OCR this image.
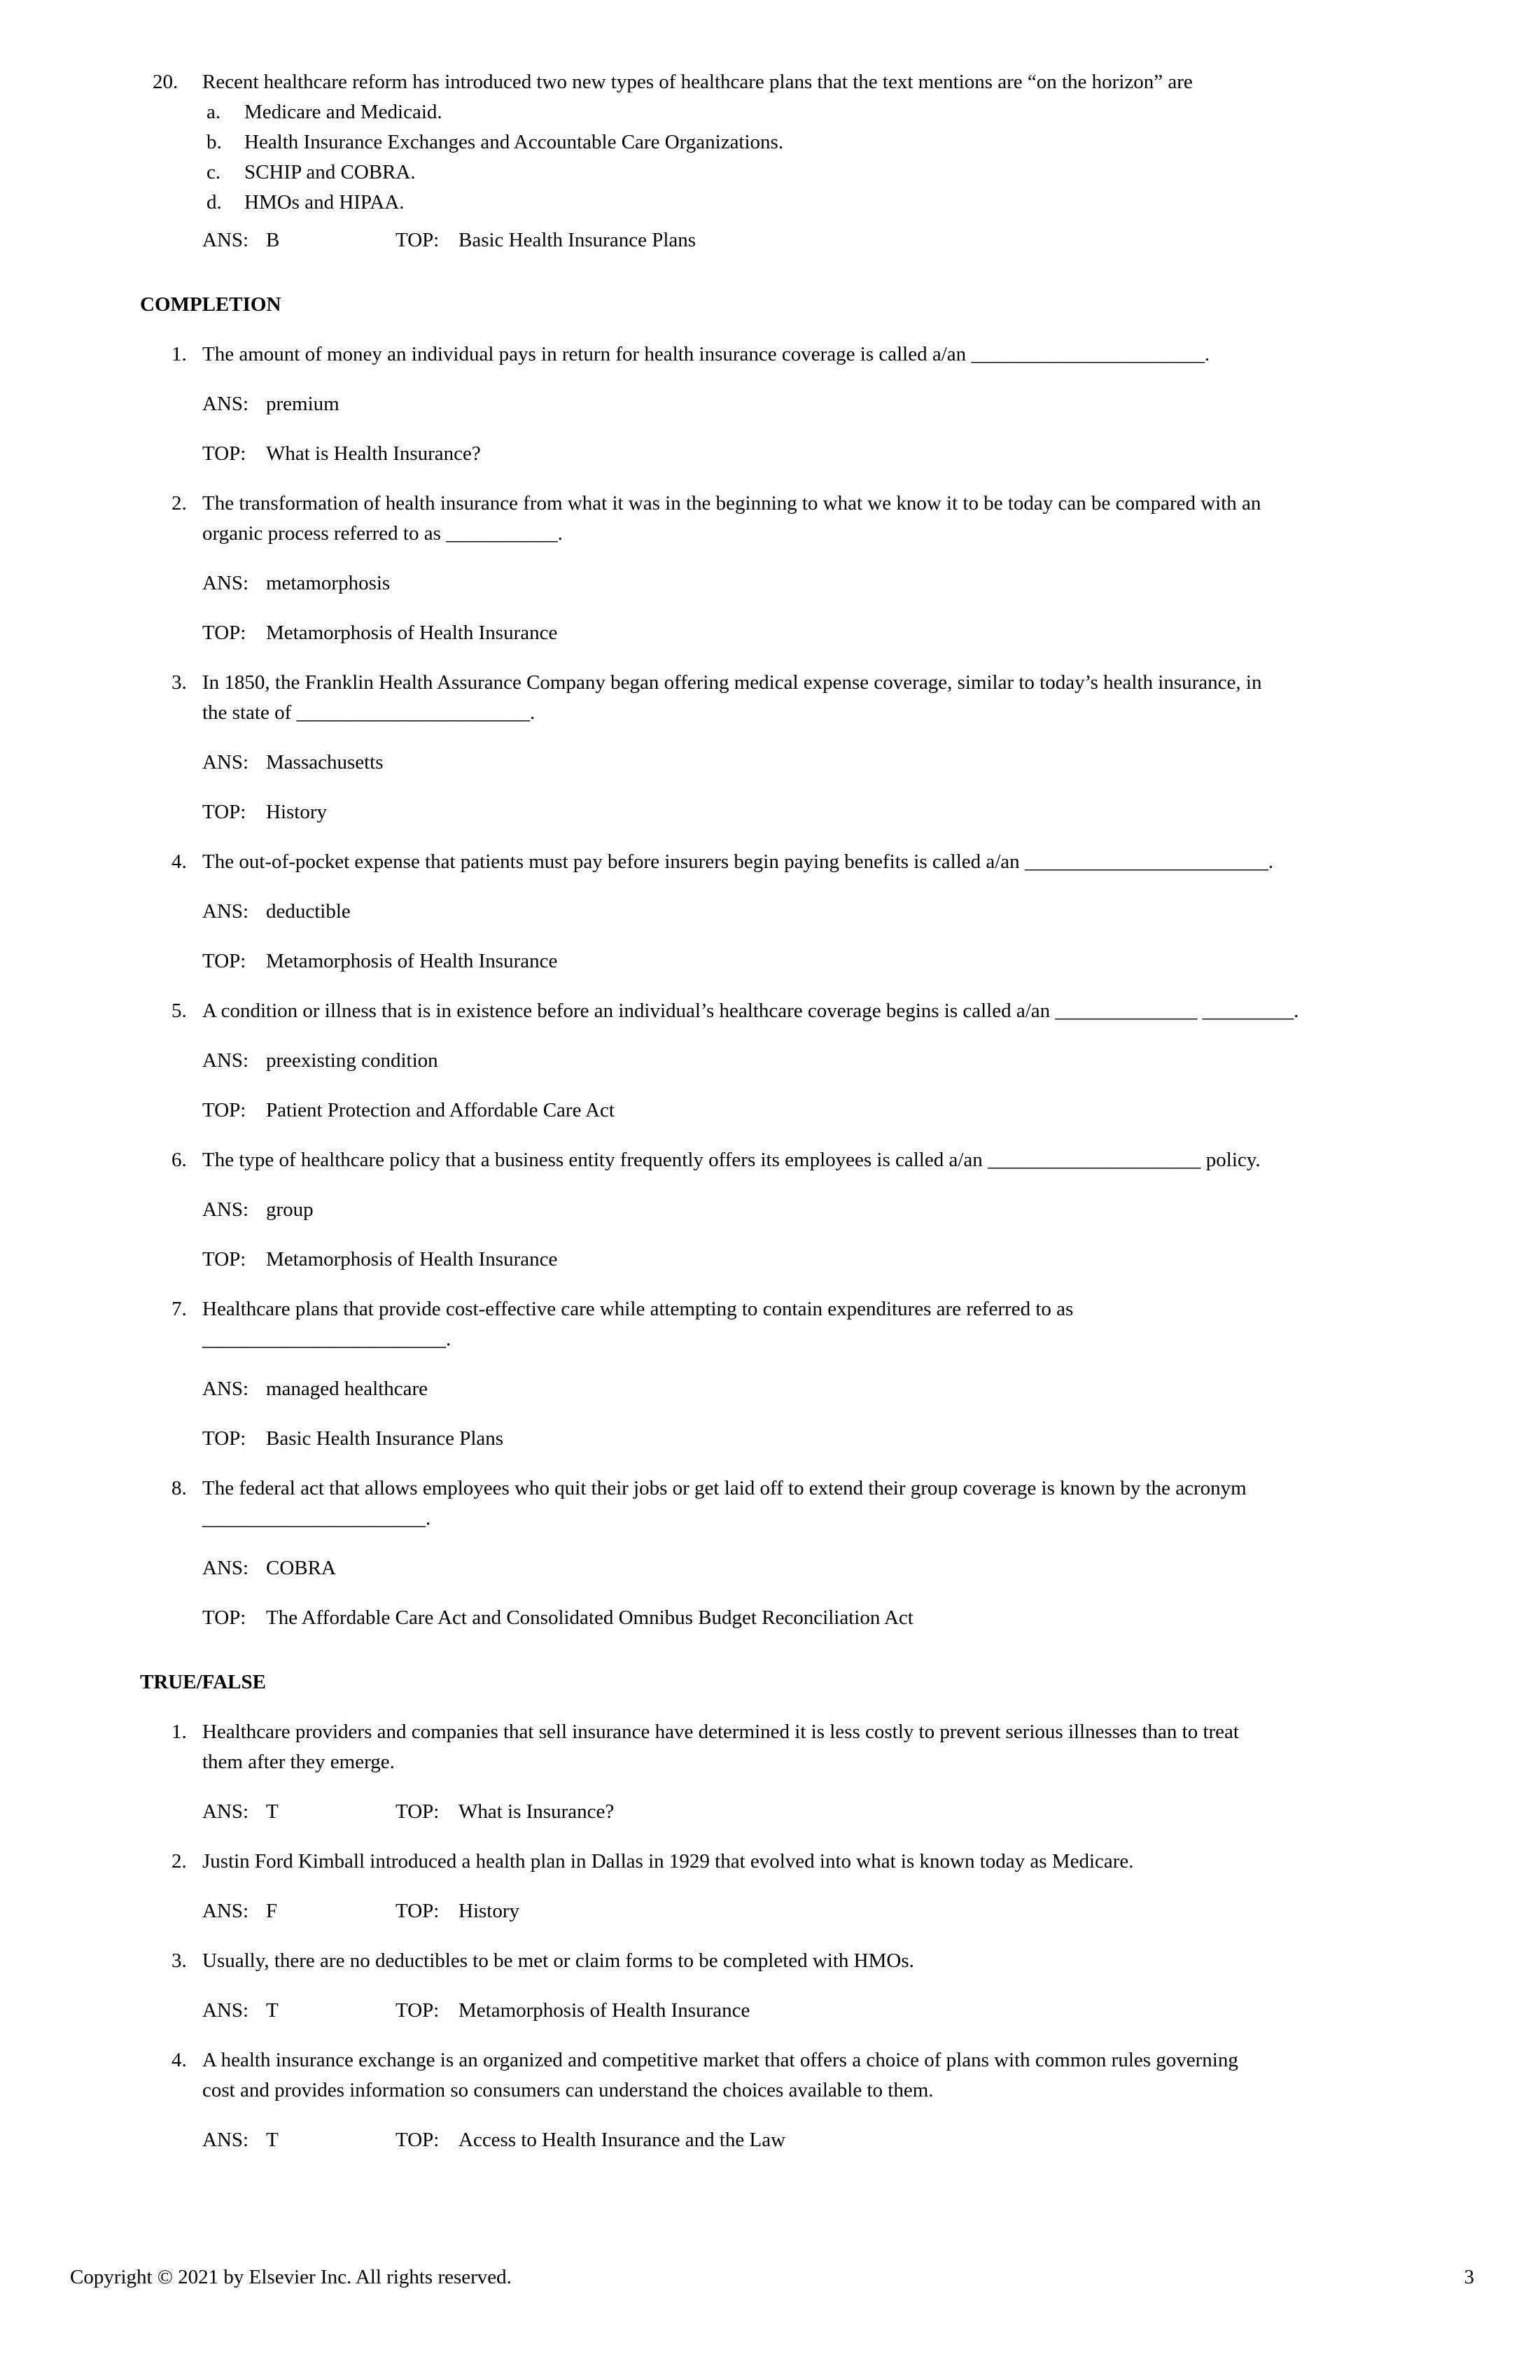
20. Recent healthcare reform has introduced two new types of healthcare plans that the text mentions are “on the horizon” are
a. Medicare and Medicaid.
b. Health Insurance Exchanges and Accountable Care Organizations.
c. SCHIP and COBRA.
d. HMOs and HIPAA.
ANS: B	TOP: Basic Health Insurance Plans
COMPLETION
1. The amount of money an individual pays in return for health insurance coverage is called a/an _______________________.
ANS: premium
TOP: What is Health Insurance?
2. The transformation of health insurance from what it was in the beginning to what we know it to be today can be compared with an
organic process referred to as ___________.
ANS: metamorphosis
TOP: Metamorphosis of Health Insurance
3. In 1850, the Franklin Health Assurance Company began offering medical expense coverage, similar to today’s health insurance, in
the state of _______________________.
ANS: Massachusetts
TOP: History
4. The out-of-pocket expense that patients must pay before insurers begin paying benefits is called a/an ________________________.
ANS: deductible
TOP: Metamorphosis of Health Insurance
5. A condition or illness that is in existence before an individual’s healthcare coverage begins is called a/an ______________ _________.
ANS: preexisting condition
TOP: Patient Protection and Affordable Care Act
6. The type of healthcare policy that a business entity frequently offers its employees is called a/an _____________________ policy.
ANS: group
TOP: Metamorphosis of Health Insurance
7. Healthcare plans that provide cost-effective care while attempting to contain expenditures are referred to as
________________________.
ANS: managed healthcare
TOP: Basic Health Insurance Plans
8. The federal act that allows employees who quit their jobs or get laid off to extend their group coverage is known by the acronym
______________________.
ANS: COBRA
TOP: The Affordable Care Act and Consolidated Omnibus Budget Reconciliation Act
TRUE/FALSE
1. Healthcare providers and companies that sell insurance have determined it is less costly to prevent serious illnesses than to treat
them after they emerge.
ANS: T	TOP: What is Insurance?
2. Justin Ford Kimball introduced a health plan in Dallas in 1929 that evolved into what is known today as Medicare.
ANS: F	TOP: History
3. Usually, there are no deductibles to be met or claim forms to be completed with HMOs.
ANS: T	TOP: Metamorphosis of Health Insurance
4. A health insurance exchange is an organized and competitive market that offers a choice of plans with common rules governing
cost and provides information so consumers can understand the choices available to them.
ANS: T	TOP: Access to Health Insurance and the Law
Copyright © 2021 by Elsevier Inc. All rights reserved.	3
